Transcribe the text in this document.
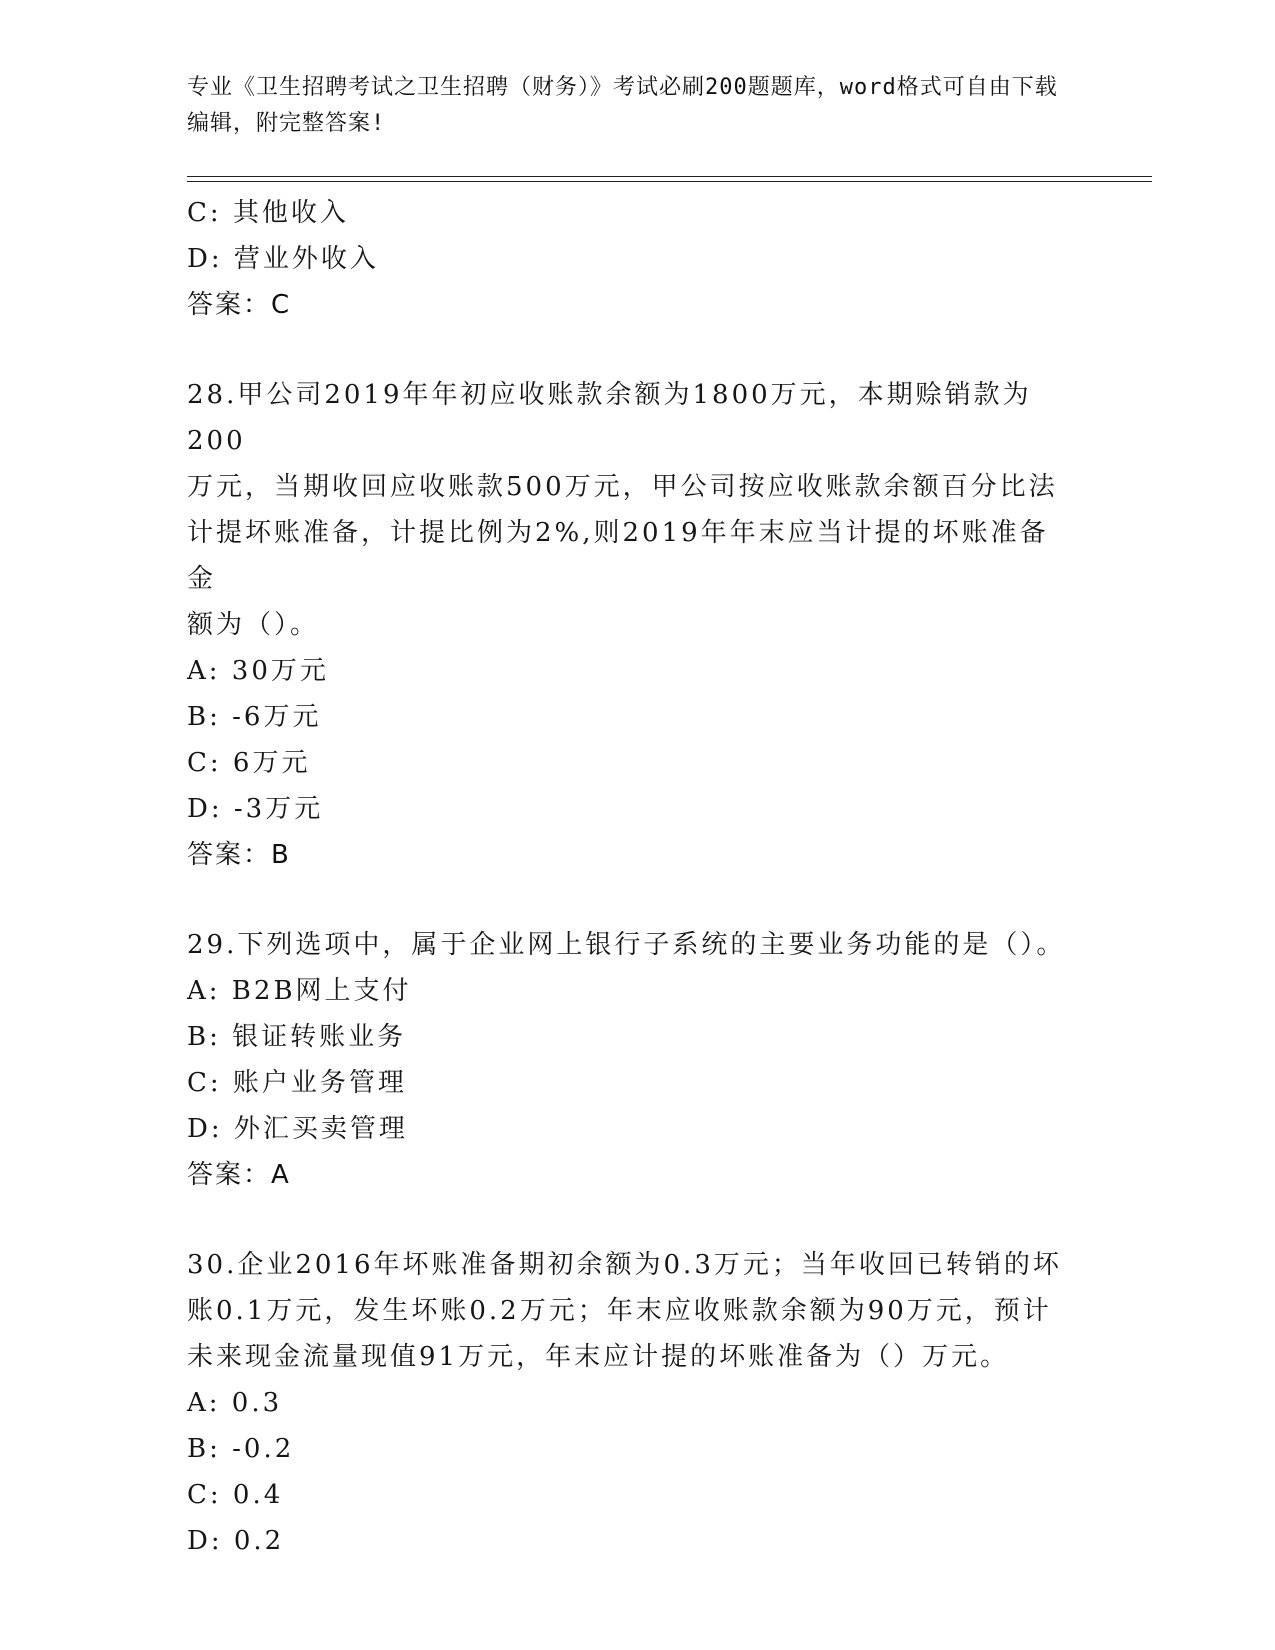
专业《卫生招聘考试之卫生招聘（财务）》考试必刷200题题库，word格式可自由下载编辑，附完整答案!
C: 其他收入
D: 营业外收入
答案：C
28.甲公司2019年年初应收账款余额为1800万元，本期赊销款为200
万元，当期收回应收账款500万元，甲公司按应收账款余额百分比法
计提坏账准备，计提比例为2%,则2019年年末应当计提的坏账准备金
额为（）。
A: 30万元
B: -6万元
C: 6万元
D: -3万元
答案：B
29.下列选项中，属于企业网上银行子系统的主要业务功能的是（）。
A: B2B网上支付
B: 银证转账业务
C: 账户业务管理
D: 外汇买卖管理
答案：A
30.企业2016年坏账准备期初余额为0.3万元；当年收回已转销的坏
账0.1万元，发生坏账0.2万元；年末应收账款余额为90万元，预计
未来现金流量现值91万元，年末应计提的坏账准备为（）万元。
A: 0.3
B: -0.2
C: 0.4
D: 0.2
